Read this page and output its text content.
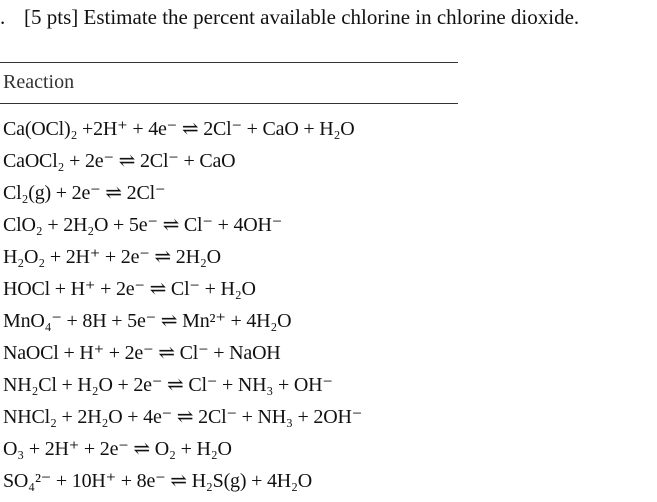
. [5 pts] Estimate the percent available chlorine in chlorine dioxide.
Reaction
Ca(OCl)₂ +2H⁺ + 4e⁻ ⇌ 2Cl⁻ + CaO + H₂O
CaOCl₂ + 2e⁻ ⇌ 2Cl⁻ + CaO
Cl₂(g) + 2e⁻ ⇌ 2Cl⁻
ClO₂ + 2H₂O + 5e⁻ ⇌ Cl⁻ + 4OH⁻
H₂O₂ + 2H⁺ + 2e⁻ ⇌ 2H₂O
HOCl + H⁺ + 2e⁻ ⇌ Cl⁻ + H₂O
MnO₄⁻ + 8H + 5e⁻ ⇌ Mn²⁺ + 4H₂O
NaOCl + H⁺ + 2e⁻ ⇌ Cl⁻ + NaOH
NH₂Cl + H₂O + 2e⁻ ⇌ Cl⁻ + NH₃ + OH⁻
NHCl₂ + 2H₂O + 4e⁻ ⇌ 2Cl⁻ + NH₃ + 2OH⁻
O₃ + 2H⁺ + 2e⁻ ⇌ O₂ + H₂O
SO₄²⁻ + 10H⁺ + 8e⁻ ⇌ H₂S(g) + 4H₂O
